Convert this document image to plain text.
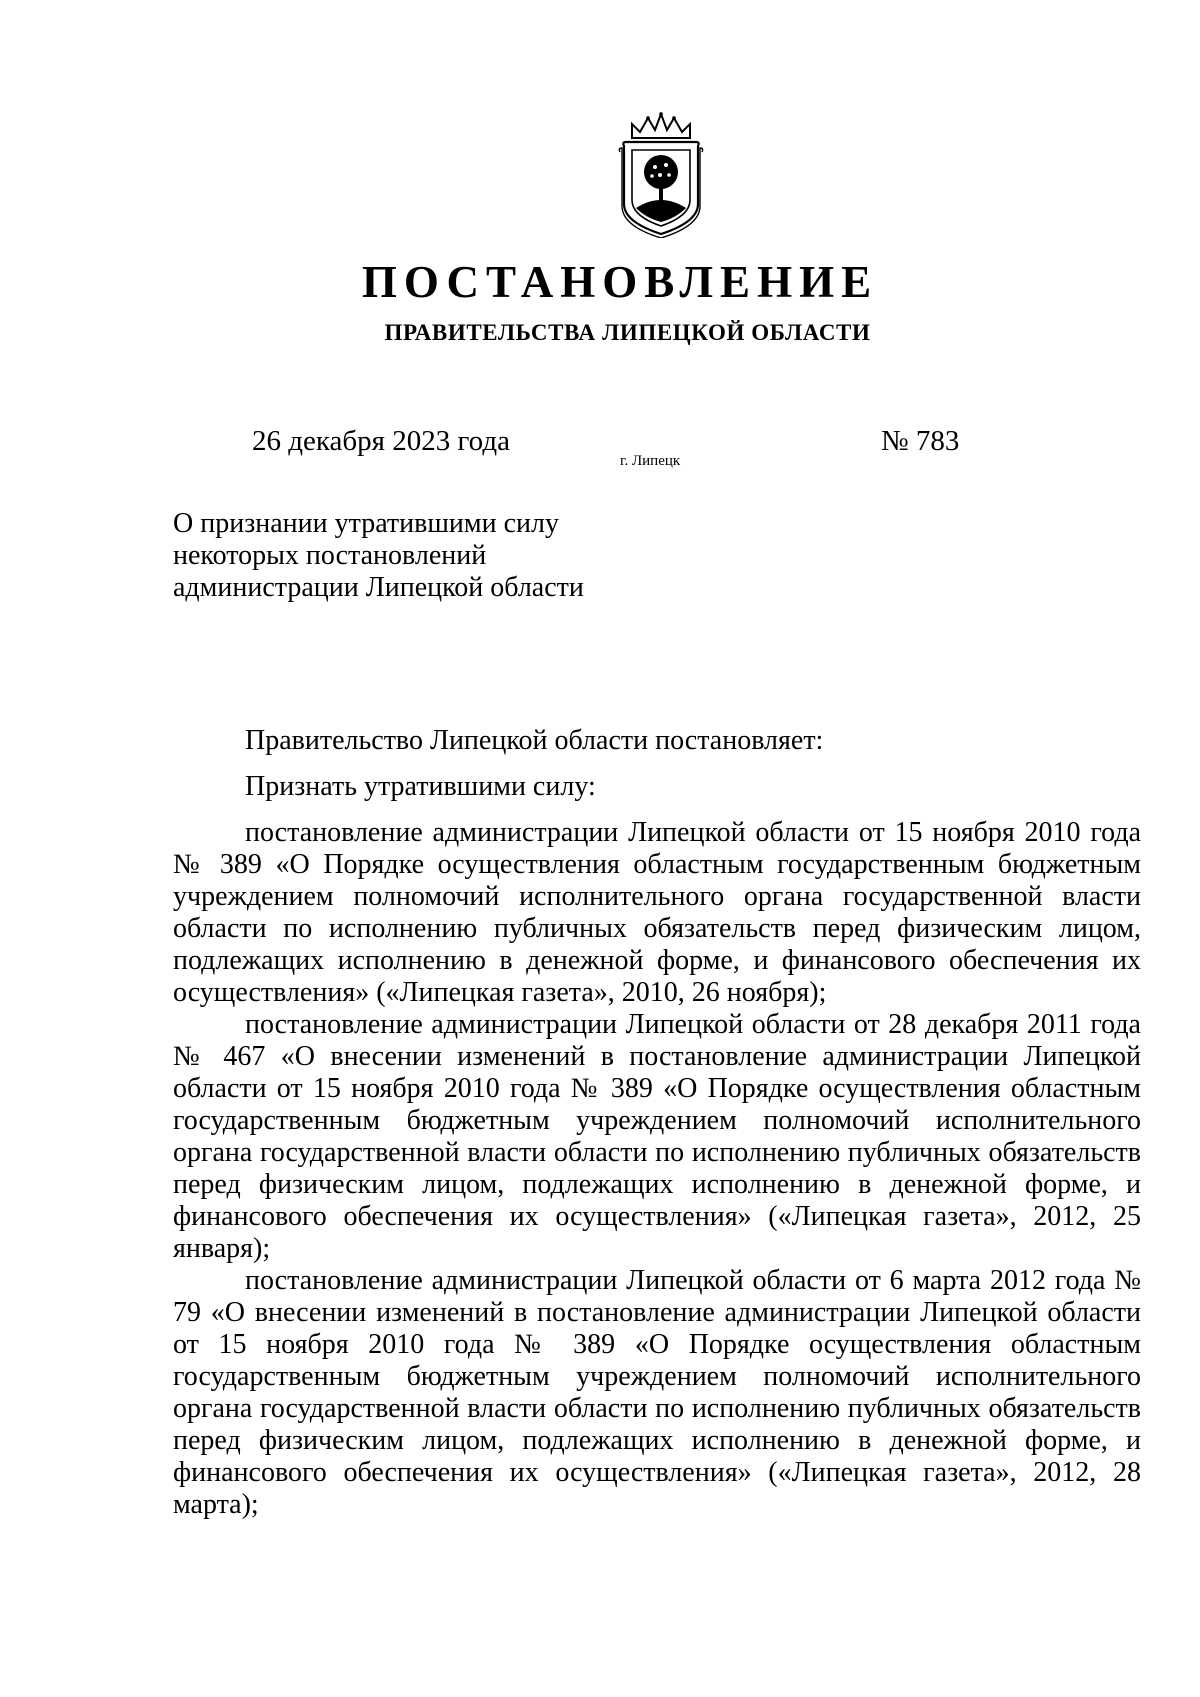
ПОСТАНОВЛЕНИЕ
ПРАВИТЕЛЬСТВА ЛИПЕЦКОЙ ОБЛАСТИ
26 декабря 2023 года
г. Липецк
№ 783
О признании утратившими силу
некоторых постановлений
администрации Липецкой области

Правительство Липецкой области постановляет:

Признать утратившими силу:

постановление администрации Липецкой области от 15 ноября 2010 года № 389 «О Порядке осуществления областным государственным бюджетным учреждением полномочий исполнительного органа государственной власти области по исполнению публичных обязательств перед физическим лицом, подлежащих исполнению в денежной форме, и финансового обеспечения их осуществления» («Липецкая газета», 2010, 26 ноября);

постановление администрации Липецкой области от 28 декабря 2011 года № 467 «О внесении изменений в постановление администрации Липецкой области от 15 ноября 2010 года № 389 «О Порядке осуществления областным государственным бюджетным учреждением полномочий исполнительного органа государственной власти области по исполнению публичных обязательств перед физическим лицом, подлежащих исполнению в денежной форме, и финансового обеспечения их осуществления» («Липецкая газета», 2012, 25 января);

постановление администрации Липецкой области от 6 марта 2012 года № 79 «О внесении изменений в постановление администрации Липецкой области от 15 ноября 2010 года № 389 «О Порядке осуществления областным государственным бюджетным учреждением полномочий исполнительного органа государственной власти области по исполнению публичных обязательств перед физическим лицом, подлежащих исполнению в денежной форме, и финансового обеспечения их осуществления» («Липецкая газета», 2012, 28 марта);
